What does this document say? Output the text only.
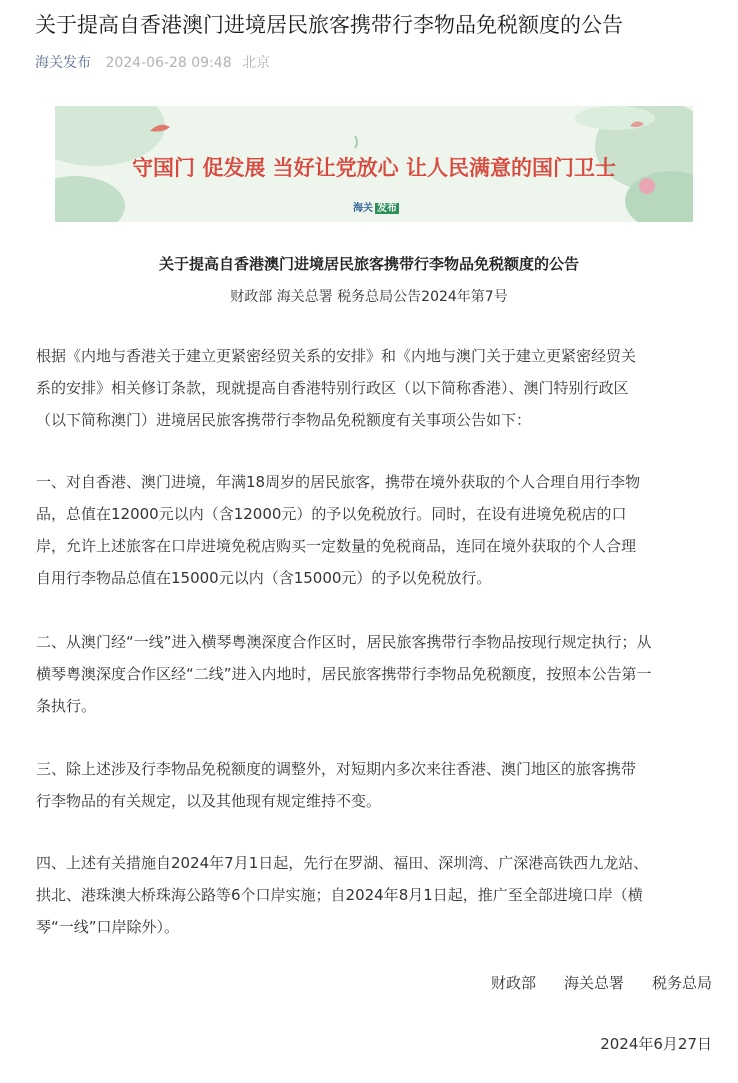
关于提高自香港澳门进境居民旅客携带行李物品免税额度的公告
海关发布 2024-06-28 09:48 北京
守国门 促发展 当好让党放心 让人民满意的国门卫士
海关 发布
关于提高自香港澳门进境居民旅客携带行李物品免税额度的公告
财政部 海关总署 税务总局公告2024年第7号
根据《内地与香港关于建立更紧密经贸关系的安排》和《内地与澳门关于建立更紧密经贸关
系的安排》相关修订条款，现就提高自香港特别行政区（以下简称香港）、澳门特别行政区
（以下简称澳门）进境居民旅客携带行李物品免税额度有关事项公告如下：
一、对自香港、澳门进境，年满18周岁的居民旅客，携带在境外获取的个人合理自用行李物
品，总值在12000元以内（含12000元）的予以免税放行。同时，在设有进境免税店的口
岸，允许上述旅客在口岸进境免税店购买一定数量的免税商品，连同在境外获取的个人合理
自用行李物品总值在15000元以内（含15000元）的予以免税放行。
二、从澳门经“一线”进入横琴粤澳深度合作区时，居民旅客携带行李物品按现行规定执行；从
横琴粤澳深度合作区经“二线”进入内地时，居民旅客携带行李物品免税额度，按照本公告第一
条执行。
三、除上述涉及行李物品免税额度的调整外，对短期内多次来往香港、澳门地区的旅客携带
行李物品的有关规定，以及其他现有规定维持不变。
四、上述有关措施自2024年7月1日起，先行在罗湖、福田、深圳湾、广深港高铁西九龙站、
拱北、港珠澳大桥珠海公路等6个口岸实施；自2024年8月1日起，推广至全部进境口岸（横
琴“一线”口岸除外）。
财政部 海关总署 税务总局
2024年6月27日
